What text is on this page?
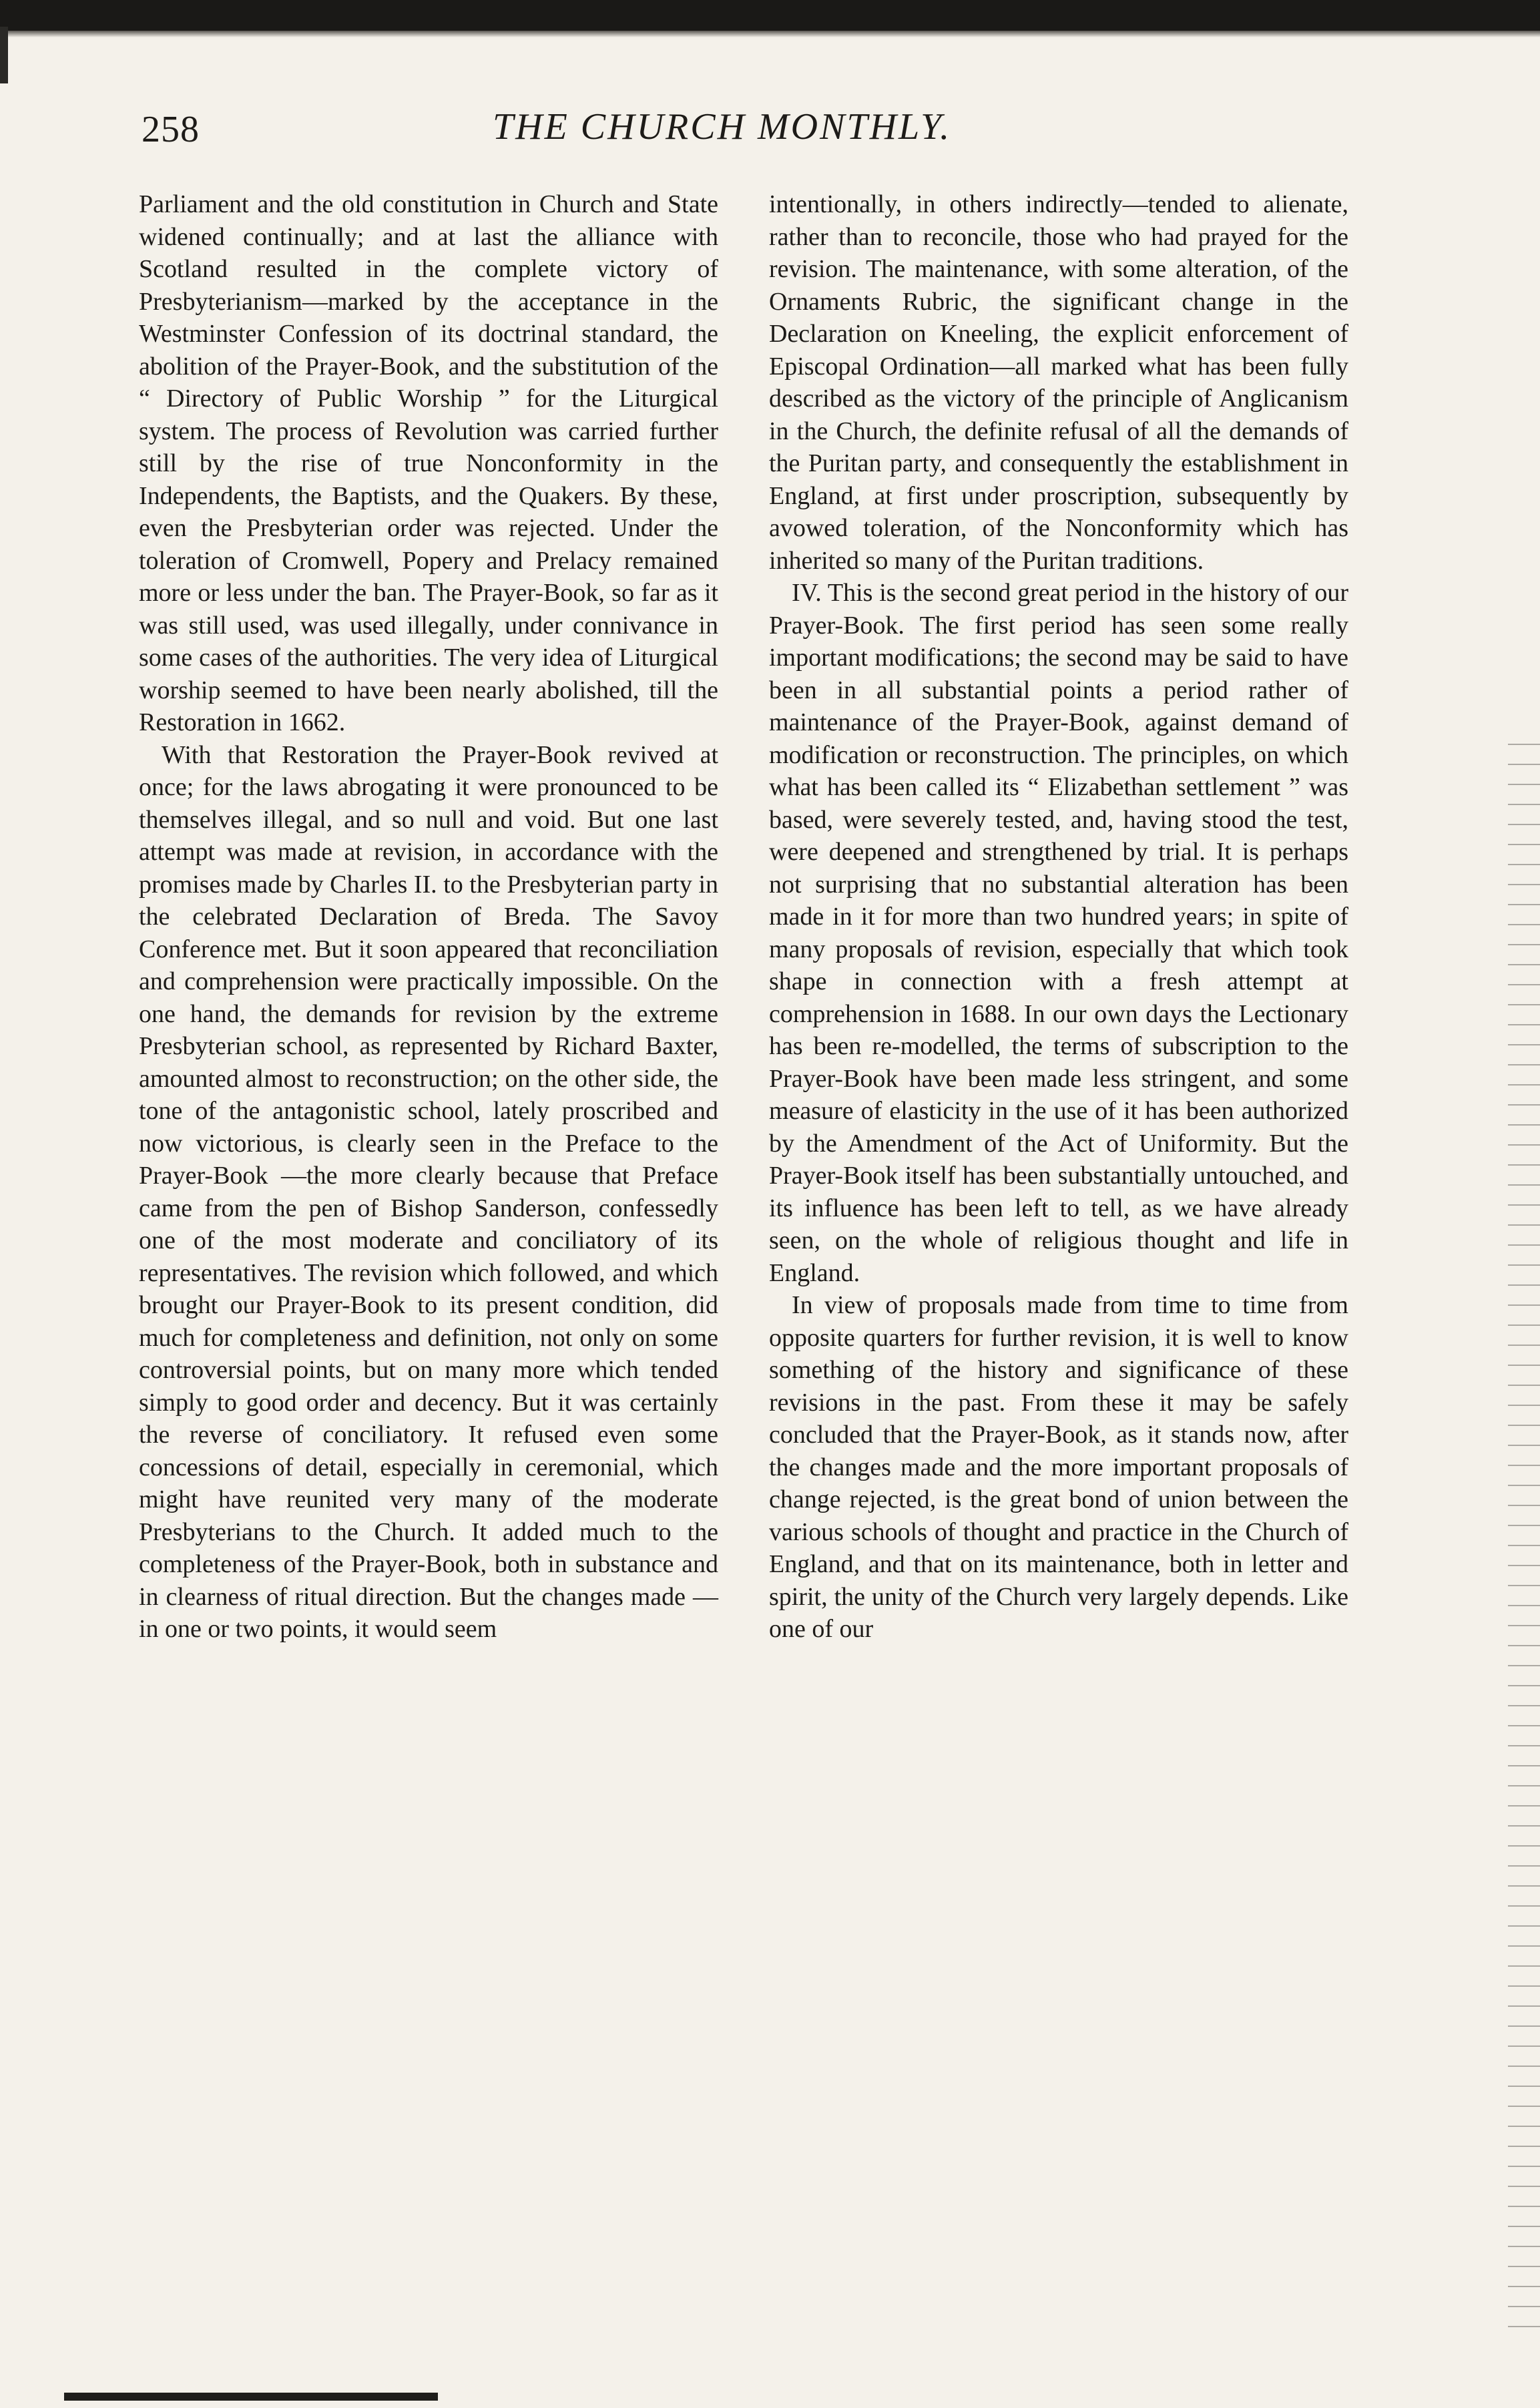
258	THE CHURCH MONTHLY.

Parliament and the old constitution in Church and State widened continually; and at last the alliance with Scotland resulted in the complete victory of Presbyterianism—marked by the acceptance in the Westminster Confession of its doctrinal standard, the abolition of the Prayer-Book, and the substitution of the “ Directory of Public Worship ” for the Liturgical system. The process of Revolution was carried further still by the rise of true Nonconformity in the Independents, the Baptists, and the Quakers. By these, even the Presbyterian order was rejected. Under the toleration of Cromwell, Popery and Prelacy remained more or less under the ban. The Prayer-Book, so far as it was still used, was used illegally, under connivance in some cases of the authorities. The very idea of Liturgical worship seemed to have been nearly abolished, till the Restoration in 1662.

With that Restoration the Prayer-Book revived at once; for the laws abrogating it were pronounced to be themselves illegal, and so null and void. But one last attempt was made at revision, in accordance with the promises made by Charles II. to the Presbyterian party in the celebrated Declaration of Breda. The Savoy Conference met. But it soon appeared that reconciliation and comprehension were practically impossible. On the one hand, the demands for revision by the extreme Presbyterian school, as represented by Richard Baxter, amounted almost to reconstruction; on the other side, the tone of the antagonistic school, lately proscribed and now victorious, is clearly seen in the Preface to the Prayer-Book —the more clearly because that Preface came from the pen of Bishop Sanderson, confessedly one of the most moderate and conciliatory of its representatives. The revision which followed, and which brought our Prayer-Book to its present condition, did much for completeness and definition, not only on some controversial points, but on many more which tended simply to good order and decency. But it was certainly the reverse of conciliatory. It refused even some concessions of detail, especially in ceremonial, which might have reunited very many of the moderate Presbyterians to the Church. It added much to the completeness of the Prayer-Book, both in substance and in clearness of ritual direction. But the changes made —in one or two points, it would seem

intentionally, in others indirectly—tended to alienate, rather than to reconcile, those who had prayed for the revision. The maintenance, with some alteration, of the Ornaments Rubric, the significant change in the Declaration on Kneeling, the explicit enforcement of Episcopal Ordination—all marked what has been fully described as the victory of the principle of Anglicanism in the Church, the definite refusal of all the demands of the Puritan party, and consequently the establishment in England, at first under proscription, subsequently by avowed toleration, of the Nonconformity which has inherited so many of the Puritan traditions.

IV. This is the second great period in the history of our Prayer-Book. The first period has seen some really important modifications; the second may be said to have been in all substantial points a period rather of maintenance of the Prayer-Book, against demand of modification or reconstruction. The principles, on which what has been called its “ Elizabethan settlement ” was based, were severely tested, and, having stood the test, were deepened and strengthened by trial. It is perhaps not surprising that no substantial alteration has been made in it for more than two hundred years; in spite of many proposals of revision, especially that which took shape in connection with a fresh attempt at comprehension in 1688. In our own days the Lectionary has been re-modelled, the terms of subscription to the Prayer-Book have been made less stringent, and some measure of elasticity in the use of it has been authorized by the Amendment of the Act of Uniformity. But the Prayer-Book itself has been substantially untouched, and its influence has been left to tell, as we have already seen, on the whole of religious thought and life in England.

In view of proposals made from time to time from opposite quarters for further revision, it is well to know something of the history and significance of these revisions in the past. From these it may be safely concluded that the Prayer-Book, as it stands now, after the changes made and the more important proposals of change rejected, is the great bond of union between the various schools of thought and practice in the Church of England, and that on its maintenance, both in letter and spirit, the unity of the Church very largely depends. Like one of our
